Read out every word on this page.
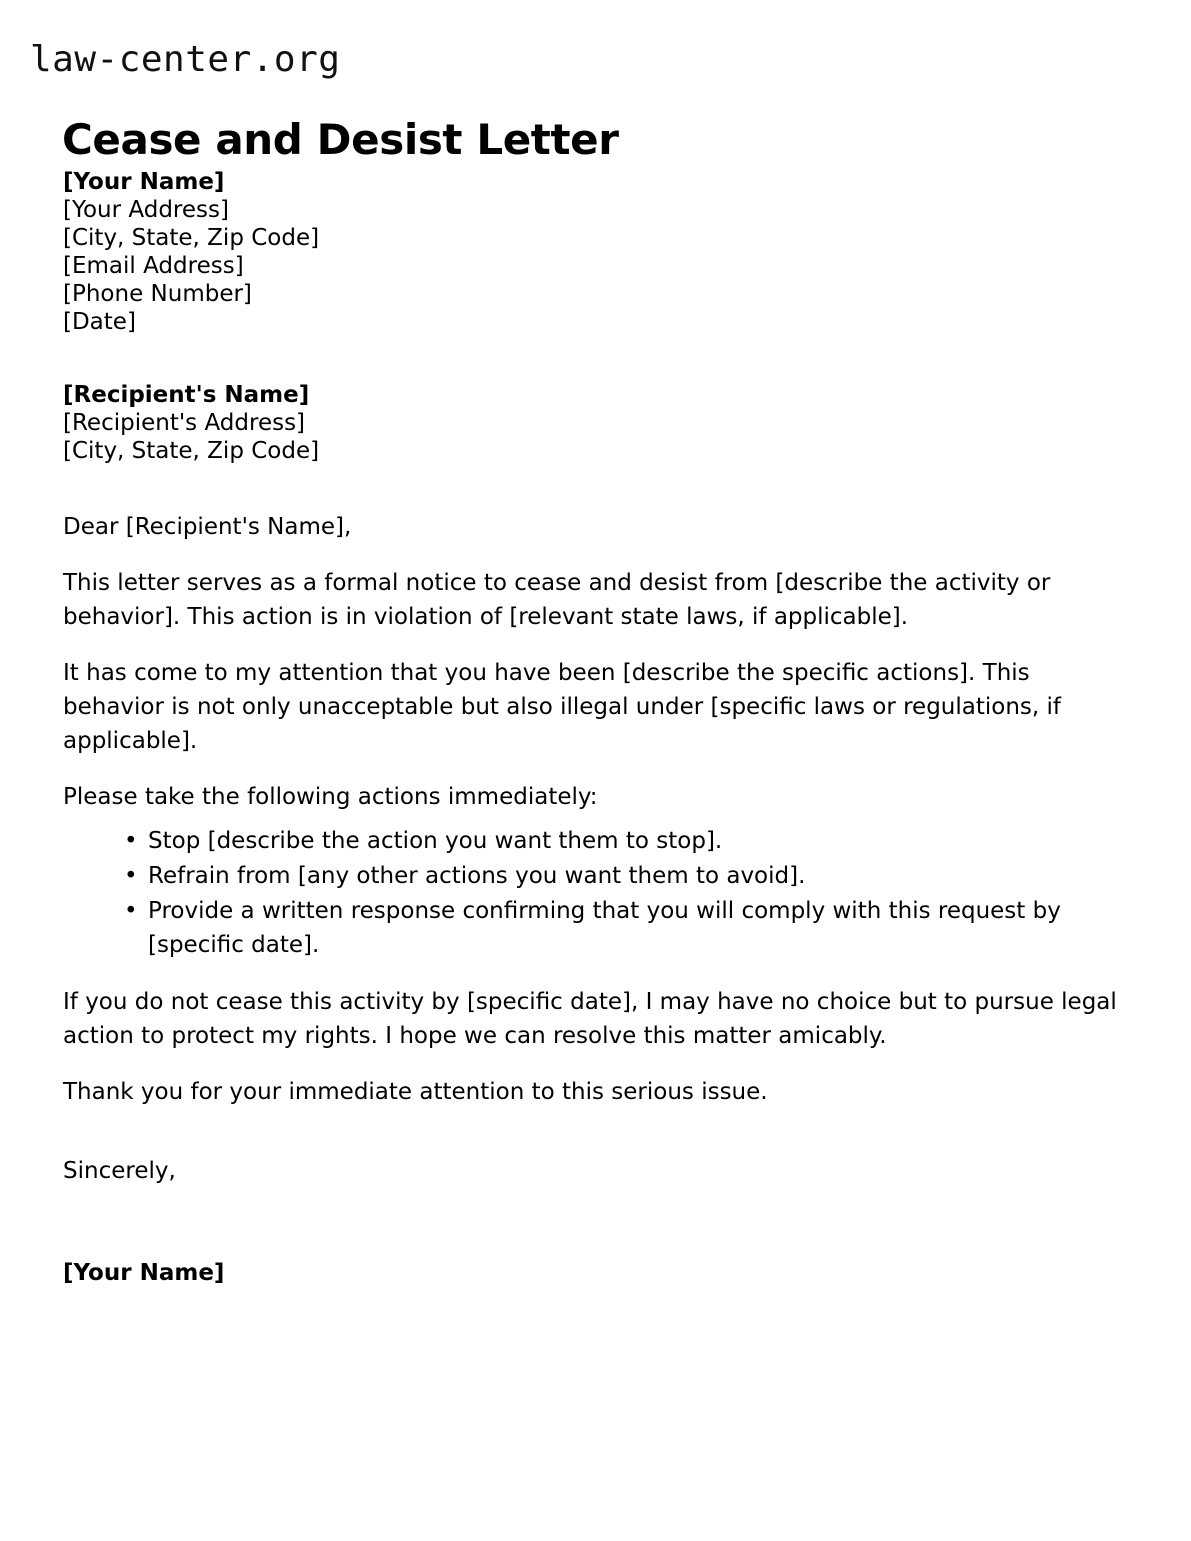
law-center.org
Cease and Desist Letter
[Your Name]
[Your Address]
[City, State, Zip Code]
[Email Address]
[Phone Number]
[Date]
[Recipient's Name]
[Recipient's Address]
[City, State, Zip Code]

Dear [Recipient's Name],

This letter serves as a formal notice to cease and desist from [describe the activity or behavior]. This action is in violation of [relevant state laws, if applicable].

It has come to my attention that you have been [describe the specific actions]. This behavior is not only unacceptable but also illegal under [specific laws or regulations, if applicable].

Please take the following actions immediately:

• Stop [describe the action you want them to stop].
• Refrain from [any other actions you want them to avoid].
• Provide a written response confirming that you will comply with this request by [specific date].

If you do not cease this activity by [specific date], I may have no choice but to pursue legal action to protect my rights. I hope we can resolve this matter amicably.

Thank you for your immediate attention to this serious issue.

Sincerely,

[Your Name]
